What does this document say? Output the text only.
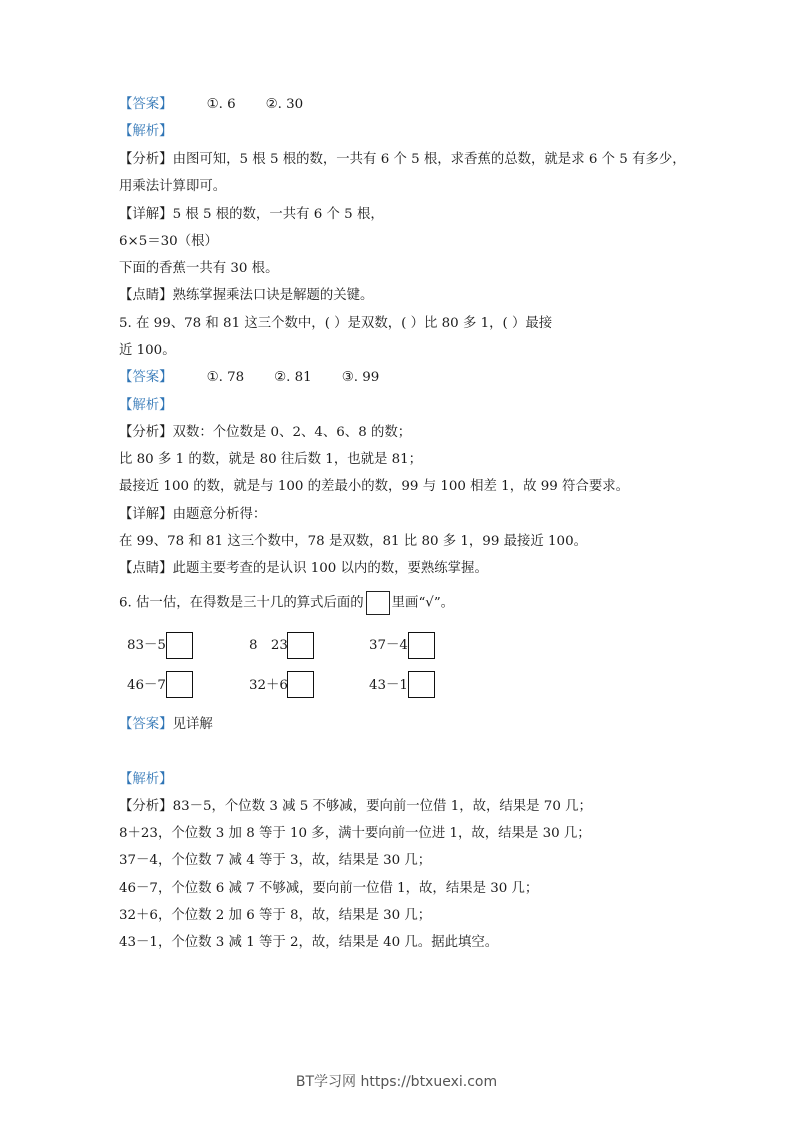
【答案】	①. 6 ②. 30
【解析】
【分析】由图可知，5 根 5 根的数，一共有 6 个 5 根，求香蕉的总数，就是求 6 个 5 有多少，
用乘法计算即可。
【详解】5 根 5 根的数，一共有 6 个 5 根，
6×5＝30（根）
下面的香蕉一共有 30 根。
【点睛】熟练掌握乘法口诀是解题的关键。
5. 在 99、78 和 81 这三个数中，( ）是双数，( ）比 80 多 1，( ）最接
近 100。
【答案】	①. 78 ②. 81 ③. 99
【解析】
【分析】双数：个位数是 0、2、4、6、8 的数；
比 80 多 1 的数，就是 80 往后数 1，也就是 81；
最接近 100 的数，就是与 100 的差最小的数，99 与 100 相差 1，故 99 符合要求。
【详解】由题意分析得：
在 99、78 和 81 这三个数中，78 是双数，81 比 80 多 1，99 最接近 100。
【点睛】此题主要考查的是认识 100 以内的数，要熟练掌握。
6. 估一估，在得数是三十几的算式后面的 里画“√”。
83－5	8　23	37－4
46－7	32＋6	43－1
【答案】见详解
【解析】
【分析】83－5，个位数 3 减 5 不够减，要向前一位借 1，故，结果是 70 几；
8＋23，个位数 3 加 8 等于 10 多，满十要向前一位进 1，故，结果是 30 几；
37－4，个位数 7 减 4 等于 3，故，结果是 30 几；
46－7，个位数 6 减 7 不够减，要向前一位借 1，故，结果是 30 几；
32＋6，个位数 2 加 6 等于 8，故，结果是 30 几；
43－1，个位数 3 减 1 等于 2，故，结果是 40 几。据此填空。
BT学习网 https://btxuexi.com
